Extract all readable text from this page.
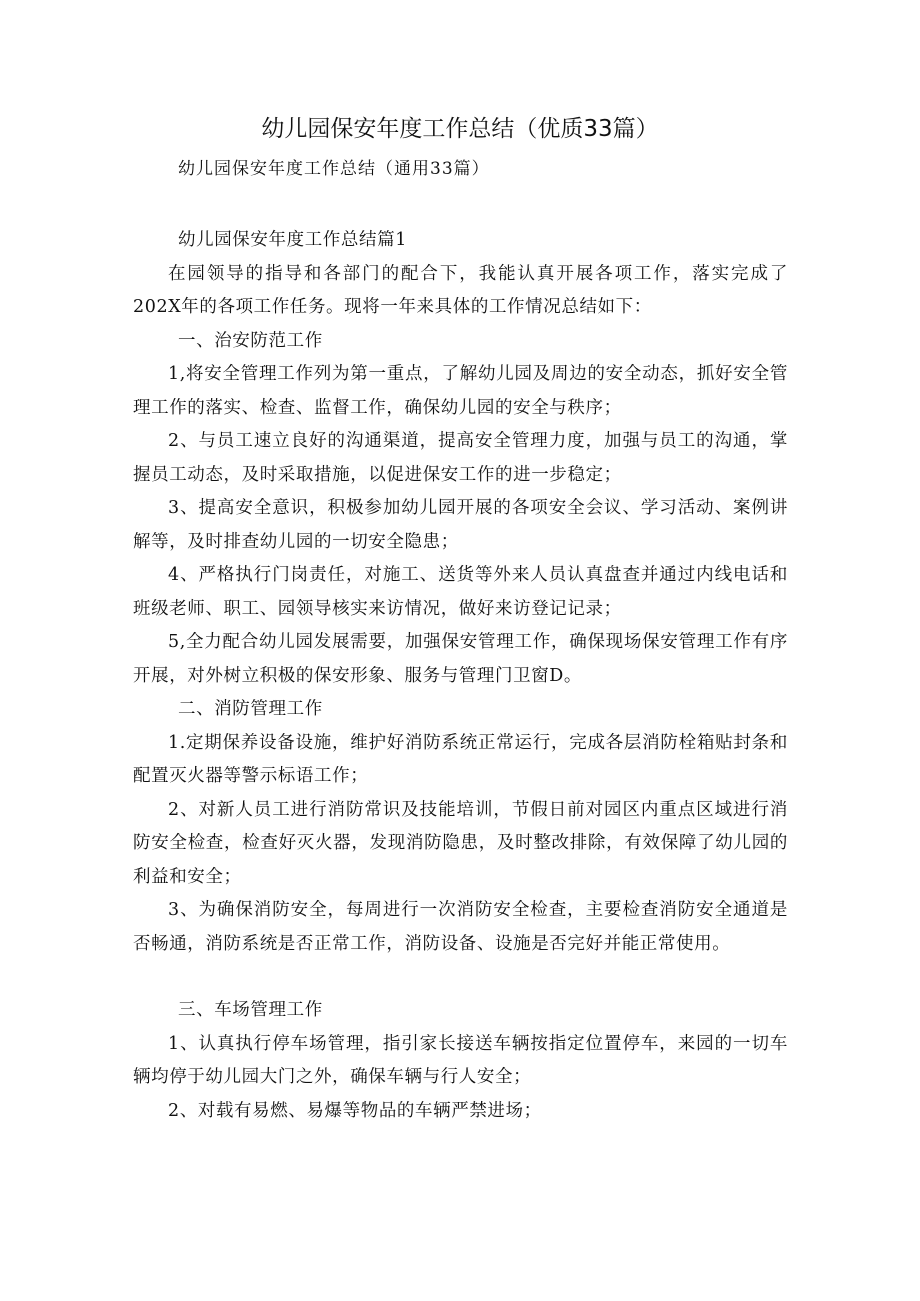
幼儿园保安年度工作总结（优质33篇）

幼儿园保安年度工作总结（通用33篇）

幼儿园保安年度工作总结篇1

在园领导的指导和各部门的配合下，我能认真开展各项工作，落实完成了202X年的各项工作任务。现将一年来具体的工作情况总结如下：

一、治安防范工作

1,将安全管理工作列为第一重点，了解幼儿园及周边的安全动态，抓好安全管理工作的落实、检查、监督工作，确保幼儿园的安全与秩序；

2、与员工速立良好的沟通渠道，提高安全管理力度，加强与员工的沟通，掌握员工动态，及时采取措施，以促进保安工作的进一步稳定；

3、提高安全意识，积极参加幼儿园开展的各项安全会议、学习活动、案例讲解等，及时排查幼儿园的一切安全隐患；

4、严格执行门岗责任，对施工、送货等外来人员认真盘查并通过内线电话和班级老师、职工、园领导核实来访情况，做好来访登记记录；

5,全力配合幼儿园发展需要，加强保安管理工作，确保现场保安管理工作有序开展，对外树立积极的保安形象、服务与管理门卫窗D。

二、消防管理工作

1.定期保养设备设施，维护好消防系统正常运行，完成各层消防栓箱贴封条和配置灭火器等警示标语工作；

2、对新人员工进行消防常识及技能培训，节假日前对园区内重点区域进行消防安全检查，检查好灭火器，发现消防隐患，及时整改排除，有效保障了幼儿园的利益和安全；

3、为确保消防安全，每周进行一次消防安全检查，主要检查消防安全通道是否畅通，消防系统是否正常工作，消防设备、设施是否完好并能正常使用。

三、车场管理工作

1、认真执行停车场管理，指引家长接送车辆按指定位置停车，来园的一切车辆均停于幼儿园大门之外，确保车辆与行人安全；

2、对载有易燃、易爆等物品的车辆严禁进场；
